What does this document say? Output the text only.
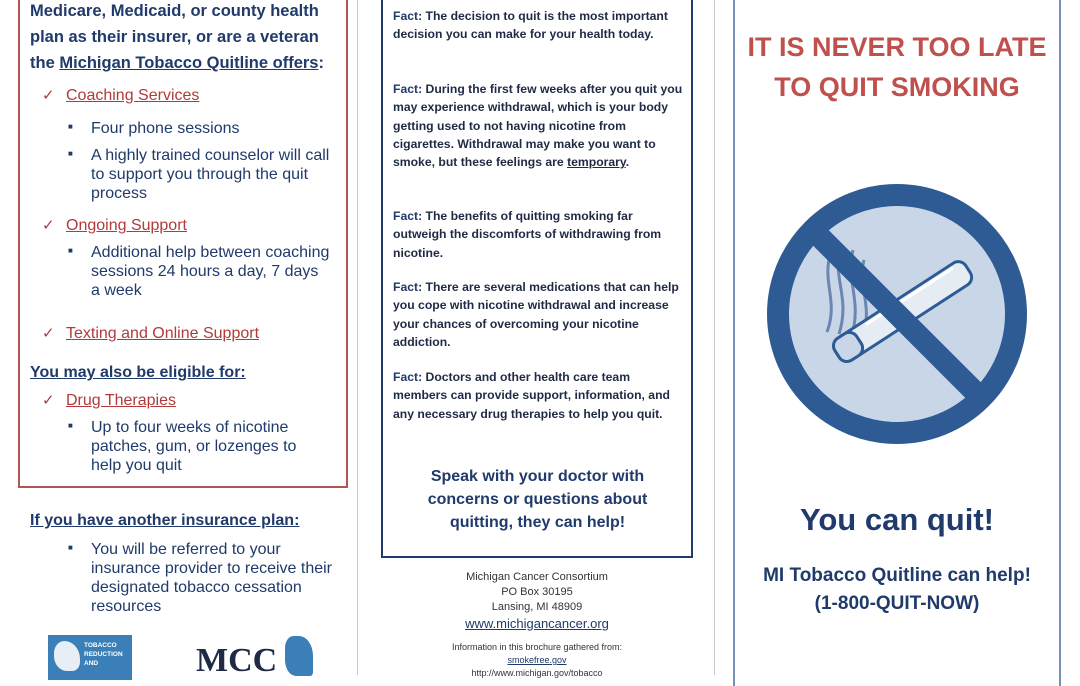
Medicare, Medicaid, or county health plan as their insurer, or are a veteran the Michigan Tobacco Quitline offers:
✓ Coaching Services
■ Four phone sessions
■ A highly trained counselor will call to support you through the quit process
✓ Ongoing Support
■ Additional help between coaching sessions 24 hours a day, 7 days a week
✓ Texting and Online Support
You may also be eligible for:
✓ Drug Therapies
■ Up to four weeks of nicotine patches, gum, or lozenges to help you quit
If you have another insurance plan:
■ You will be referred to your insurance provider to receive their designated tobacco cessation resources
TOBACCO REDUCTION AND	MCC
Fact: The decision to quit is the most important decision you can make for your health today.
Fact: During the first few weeks after you quit you may experience withdrawal, which is your body getting used to not having nicotine from cigarettes. Withdrawal may make you want to smoke, but these feelings are temporary.
Fact: The benefits of quitting smoking far outweigh the discomforts of withdrawing from nicotine.
Fact: There are several medications that can help you cope with nicotine withdrawal and increase your chances of overcoming your nicotine addiction.
Fact: Doctors and other health care team members can provide support, information, and any necessary drug therapies to help you quit.
Speak with your doctor with concerns or questions about quitting, they can help!
Michigan Cancer Consortium
PO Box 30195
Lansing, MI 48909
www.michigancancer.org
Information in this brochure gathered from:
smokefree.gov
http://www.michigan.gov/tobacco
IT IS NEVER TOO LATE TO QUIT SMOKING
You can quit!
MI Tobacco Quitline can help!
(1-800-QUIT-NOW)
